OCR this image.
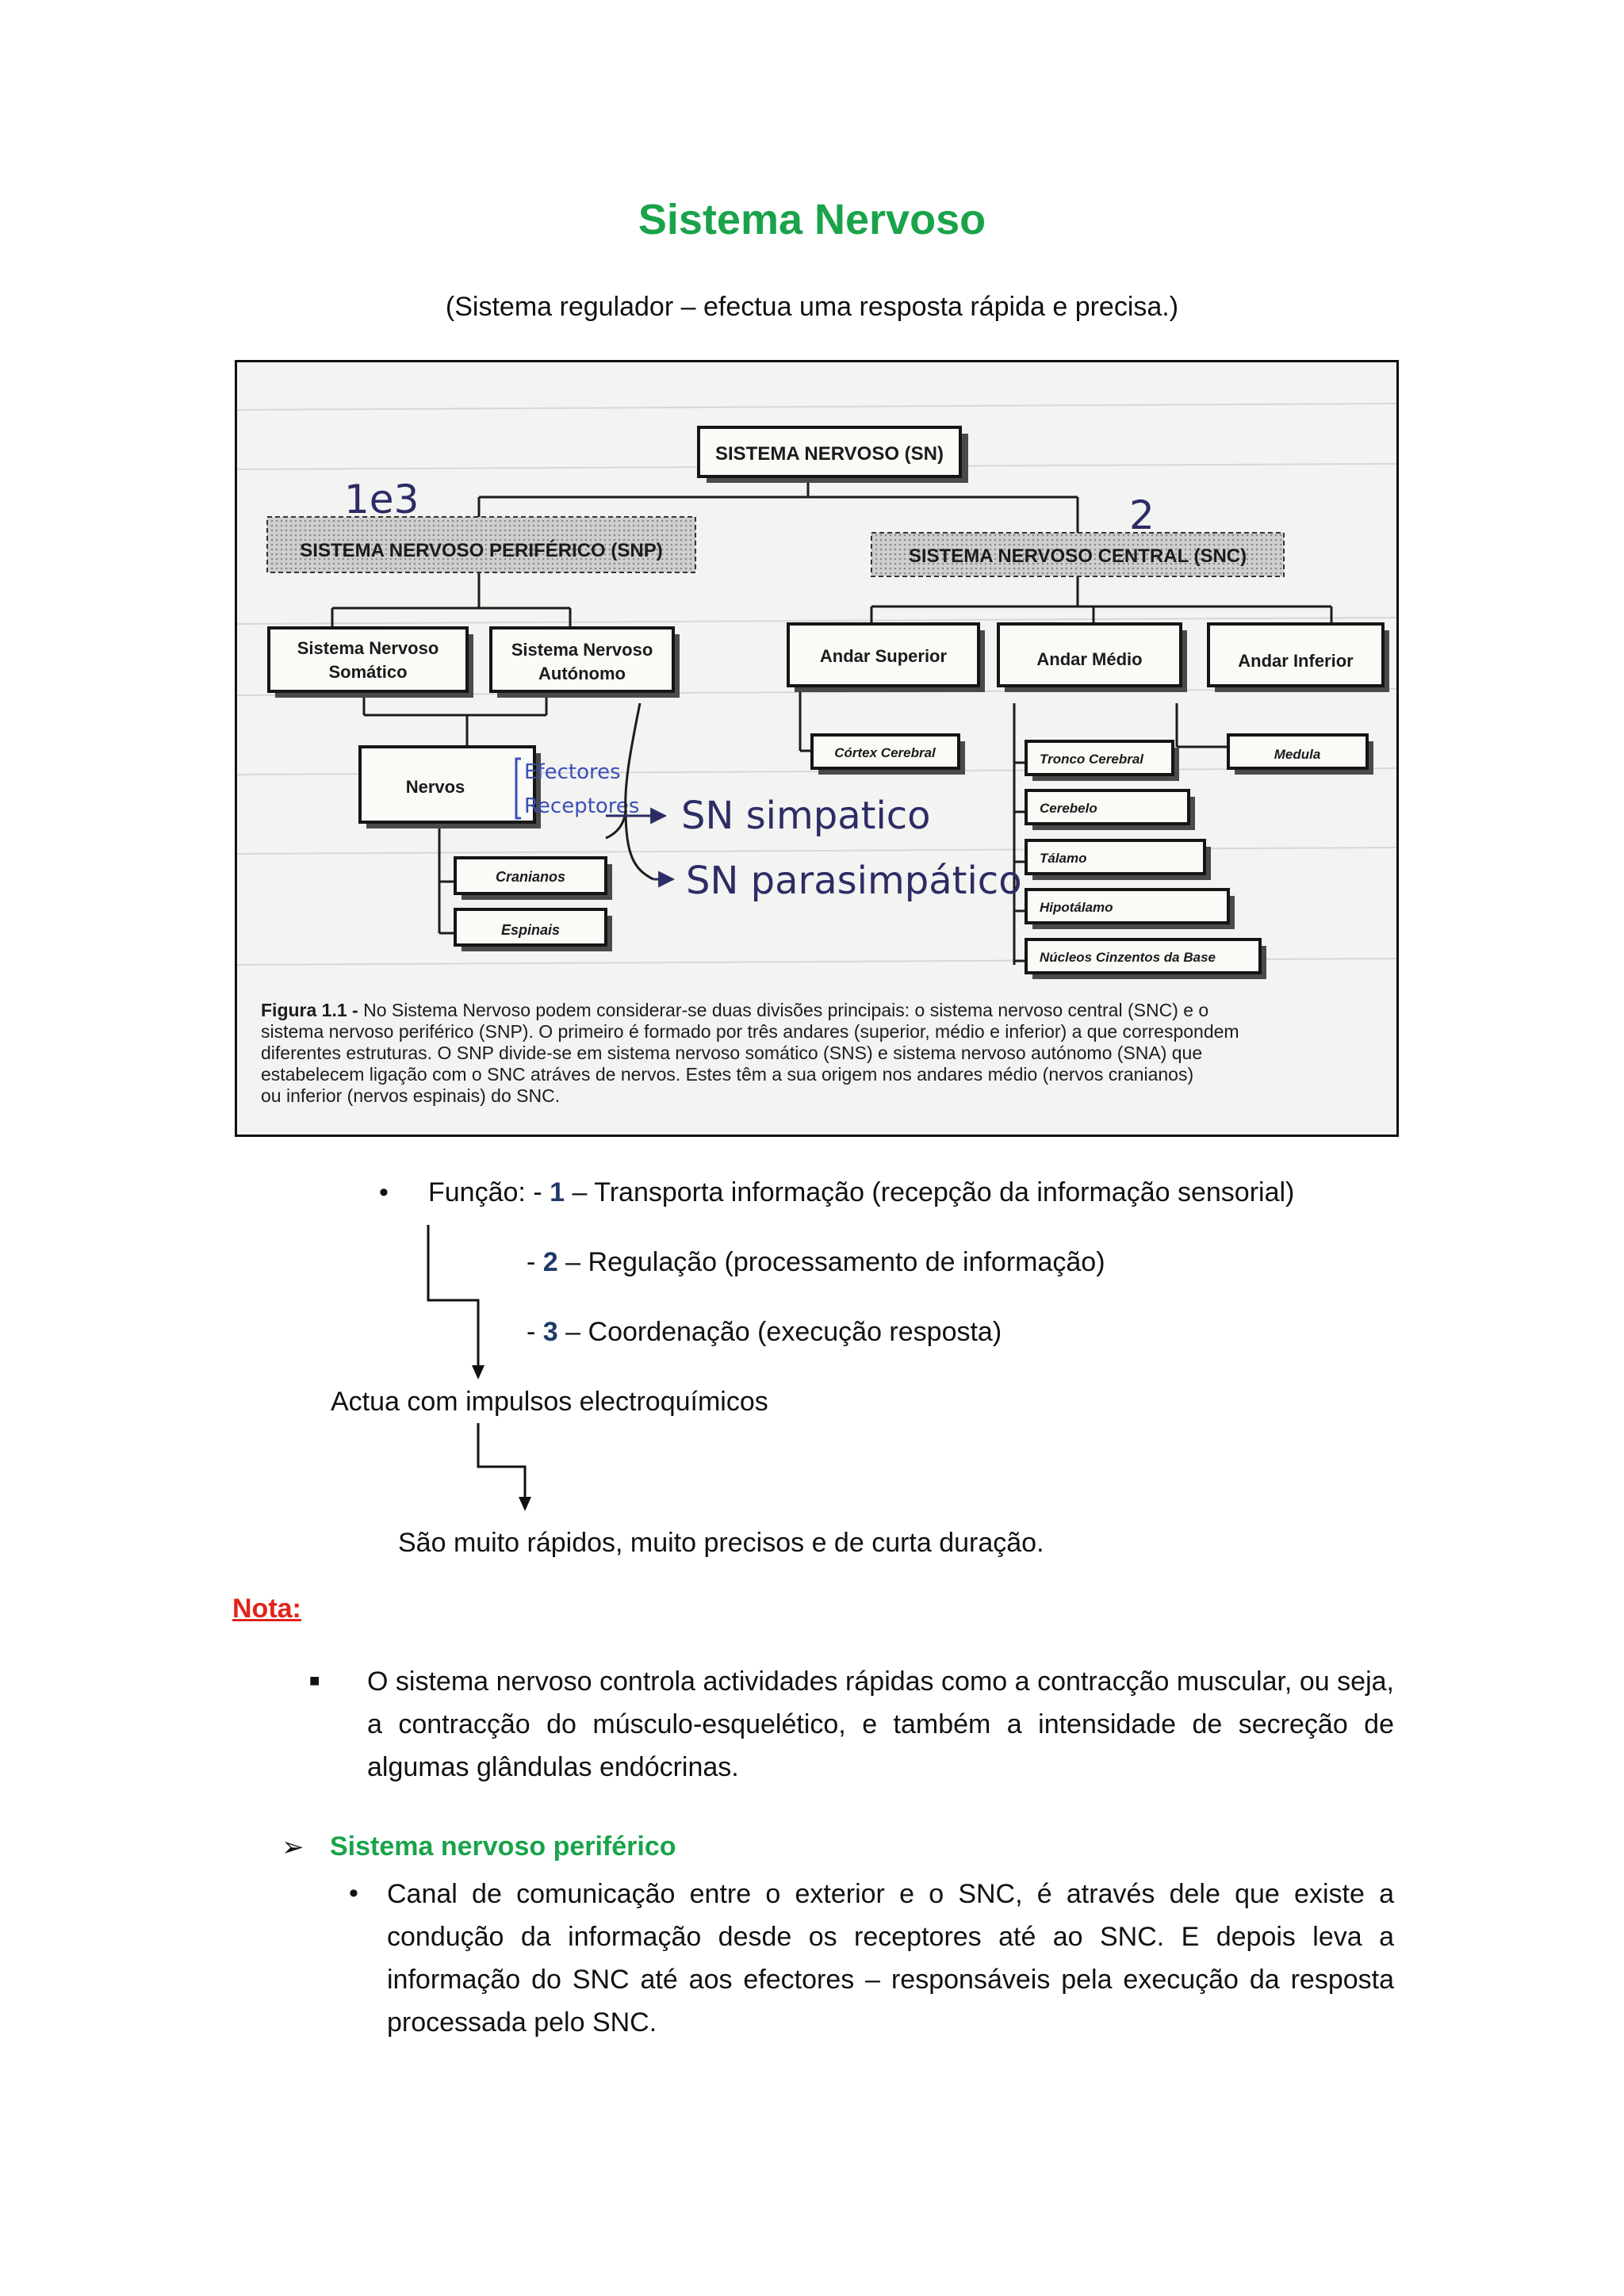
Sistema Nervoso
(Sistema regulador – efectua uma resposta rápida e precisa.)
SISTEMA NERVOSO (SN)
SISTEMA NERVOSO PERIFÉRICO (SNP)	SISTEMA NERVOSO CENTRAL (SNC)
1e3	2
Sistema Nervoso
Somático
Sistema Nervoso
Autónomo
Andar Superior	Andar Médio	Andar Inferior
Nervos
Cranianos
Espinais
Córtex Cerebral	Medula
Tronco Cerebral
Cerebelo
Tálamo
Hipotálamo
Núcleos Cinzentos da Base
Efectores
Receptores SN simpatico
SN parasimpático
Figura 1.1 - No Sistema Nervoso podem considerar-se duas divisões principais: o sistema nervoso central (SNC) e o
sistema nervoso periférico (SNP). O primeiro é formado por três andares (superior, médio e inferior) a que correspondem
diferentes estruturas. O SNP divide-se em sistema nervoso somático (SNS) e sistema nervoso autónomo (SNA) que
estabelecem ligação com o SNC atráves de nervos. Estes têm a sua origem nos andares médio (nervos cranianos)
ou inferior (nervos espinais) do SNC.
• Função: - 1 – Transporta informação (recepção da informação sensorial)
- 2 – Regulação (processamento de informação)
- 3 – Coordenação (execução resposta)
Actua com impulsos electroquímicos
São muito rápidos, muito precisos e de curta duração.
Nota:
■ O sistema nervoso controla actividades rápidas como a contracção muscular, ou seja, a contracção do músculo-esquelético, e também a intensidade de secreção de algumas glândulas endócrinas.
➢ Sistema nervoso periférico
• Canal de comunicação entre o exterior e o SNC, é através dele que existe a condução da informação desde os receptores até ao SNC. E depois leva a informação do SNC até aos efectores – responsáveis pela execução da resposta processada pelo SNC.
